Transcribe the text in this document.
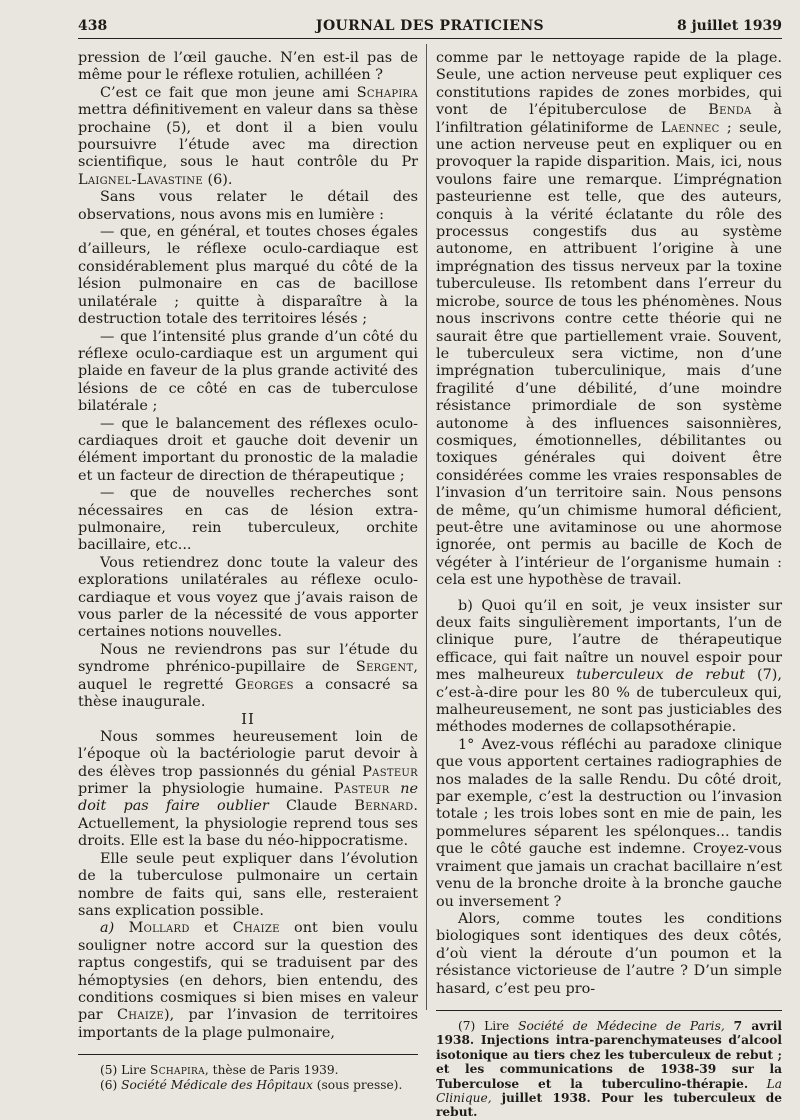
438	JOURNAL DES PRATICIENS	8 juillet 1939

pression de l’œil gauche. N’en est-il pas de même pour le réflexe rotulien, achilléen ?

C’est ce fait que mon jeune ami Schapira mettra définitivement en valeur dans sa thèse prochaine (5), et dont il a bien voulu poursuivre l’étude avec ma direction scientifique, sous le haut contrôle du Pr Laignel-Lavastine (6).

Sans vous relater le détail des observations, nous avons mis en lumière :

— que, en général, et toutes choses égales d’ailleurs, le réflexe oculo-cardiaque est considérablement plus marqué du côté de la lésion pulmonaire en cas de bacillose unilatérale ; quitte à disparaître à la destruction totale des territoires lésés ;

— que l’intensité plus grande d’un côté du réflexe oculo-cardiaque est un argument qui plaide en faveur de la plus grande activité des lésions de ce côté en cas de tuberculose bilatérale ;

— que le balancement des réflexes oculo-cardiaques droit et gauche doit devenir un élément important du pronostic de la maladie et un facteur de direction de thérapeutique ;

— que de nouvelles recherches sont nécessaires en cas de lésion extra-pulmonaire, rein tuberculeux, orchite bacillaire, etc...

Vous retiendrez donc toute la valeur des explorations unilatérales au réflexe oculo-cardiaque et vous voyez que j’avais raison de vous parler de la nécessité de vous apporter certaines notions nouvelles.

Nous ne reviendrons pas sur l’étude du syndrome phrénico-pupillaire de Sergent, auquel le regretté Georges a consacré sa thèse inaugurale.

II

Nous sommes heureusement loin de l’époque où la bactériologie parut devoir à des élèves trop passionnés du génial Pasteur primer la physiologie humaine. Pasteur ne doit pas faire oublier Claude Bernard. Actuellement, la physiologie reprend tous ses droits. Elle est la base du néo-hippocratisme.

Elle seule peut expliquer dans l’évolution de la tuberculose pulmonaire un certain nombre de faits qui, sans elle, resteraient sans explication possible.

a) Mollard et Chaize ont bien voulu souligner notre accord sur la question des raptus congestifs, qui se traduisent par des hémoptysies (en dehors, bien entendu, des conditions cosmiques si bien mises en valeur par Chaize), par l’invasion de territoires importants de la plage pulmonaire,

(5) Lire Schapira, thèse de Paris 1939.

(6) Société Médicale des Hôpitaux (sous presse).

comme par le nettoyage rapide de la plage. Seule, une action nerveuse peut expliquer ces constitutions rapides de zones morbides, qui vont de l’épituberculose de Benda à l’infiltration gélatiniforme de Laennec ; seule, une action nerveuse peut en expliquer ou en provoquer la rapide disparition. Mais, ici, nous voulons faire une remarque. L’imprégnation pasteurienne est telle, que des auteurs, conquis à la vérité éclatante du rôle des processus congestifs dus au système autonome, en attribuent l’origine à une imprégnation des tissus nerveux par la toxine tuberculeuse. Ils retombent dans l’erreur du microbe, source de tous les phénomènes. Nous nous inscrivons contre cette théorie qui ne saurait être que partiellement vraie. Souvent, le tuberculeux sera victime, non d’une imprégnation tuberculinique, mais d’une fragilité d’une débilité, d’une moindre résistance primordiale de son système autonome à des influences saisonnières, cosmiques, émotionnelles, débilitantes ou toxiques générales qui doivent être considérées comme les vraies responsables de l’invasion d’un territoire sain. Nous pensons de même, qu’un chimisme humoral déficient, peut-être une avitaminose ou une ahormose ignorée, ont permis au bacille de Koch de végéter à l’intérieur de l’organisme humain : cela est une hypothèse de travail.

b) Quoi qu’il en soit, je veux insister sur deux faits singulièrement importants, l’un de clinique pure, l’autre de thérapeutique efficace, qui fait naître un nouvel espoir pour mes malheureux tuberculeux de rebut (7), c’est-à-dire pour les 80 % de tuberculeux qui, malheureusement, ne sont pas justiciables des méthodes modernes de collapsothérapie.

1° Avez-vous réfléchi au paradoxe clinique que vous apportent certaines radiographies de nos malades de la salle Rendu. Du côté droit, par exemple, c’est la destruction ou l’invasion totale ; les trois lobes sont en mie de pain, les pommelures séparent les spélonques... tandis que le côté gauche est indemne. Croyez-vous vraiment que jamais un crachat bacillaire n’est venu de la bronche droite à la bronche gauche ou inversement ?

Alors, comme toutes les conditions biologiques sont identiques des deux côtés, d’où vient la déroute d’un poumon et la résistance victorieuse de l’autre ? D’un simple hasard, c’est peu pro-

(7) Lire Société de Médecine de Paris, 7 avril 1938. Injections intra-parenchymateuses d’alcool isotonique au tiers chez les tuberculeux de rebut ; et les communications de 1938-39 sur la Tuberculose et la tuberculino-thérapie. La Clinique, juillet 1938. Pour les tuberculeux de rebut.
